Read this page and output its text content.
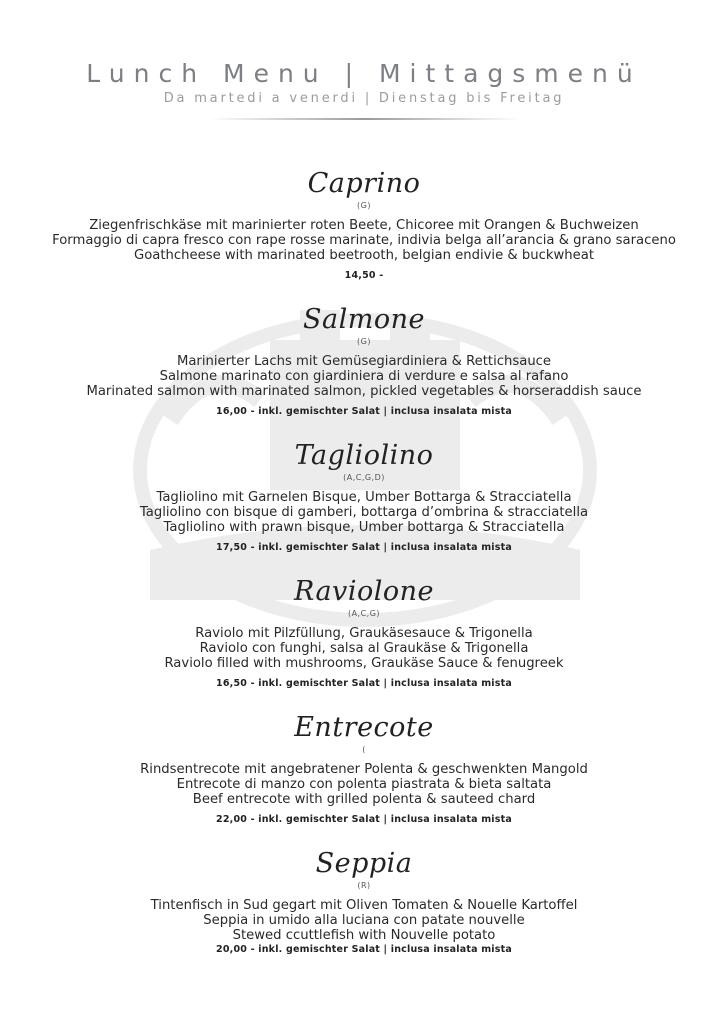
Lunch Menu | Mittagsmenü
Da martedi a venerdi | Dienstag bis Freitag
Caprino
(G)
Ziegenfrischkäse mit marinierter roten Beete, Chicoree mit Orangen & Buchweizen
Formaggio di capra fresco con rape rosse marinate, indivia belga all’arancia & grano saraceno
Goathcheese with marinated beetrooth, belgian endivie & buckwheat
14,50 -
Salmone
(G)
Marinierter Lachs mit Gemüsegiardiniera & Rettichsauce
Salmone marinato con giardiniera di verdure e salsa al rafano
Marinated salmon with marinated salmon, pickled vegetables & horseraddish sauce
16,00 - inkl. gemischter Salat | inclusa insalata mista
Tagliolino
(A,C,G,D)
Tagliolino mit Garnelen Bisque, Umber Bottarga & Stracciatella
Tagliolino con bisque di gamberi, bottarga d’ombrina & stracciatella
Tagliolino with prawn bisque, Umber bottarga & Stracciatella
17,50 - inkl. gemischter Salat | inclusa insalata mista
Raviolone
(A,C,G)
Raviolo mit Pilzfüllung, Graukäsesauce & Trigonella
Raviolo con funghi, salsa al Graukäse & Trigonella
Raviolo filled with mushrooms, Graukäse Sauce & fenugreek
16,50 - inkl. gemischter Salat | inclusa insalata mista
Entrecote
(
Rindsentrecote mit angebratener Polenta & geschwenkten Mangold
Entrecote di manzo con polenta piastrata & bieta saltata
Beef entrecote with grilled polenta & sauteed chard
22,00 - inkl. gemischter Salat | inclusa insalata mista
Seppia
(R)
Tintenfisch in Sud gegart mit Oliven Tomaten & Nouelle Kartoffel
Seppia in umido alla luciana con patate nouvelle
Stewed ccuttlefish with Nouvelle potato
20,00 - inkl. gemischter Salat | inclusa insalata mista
